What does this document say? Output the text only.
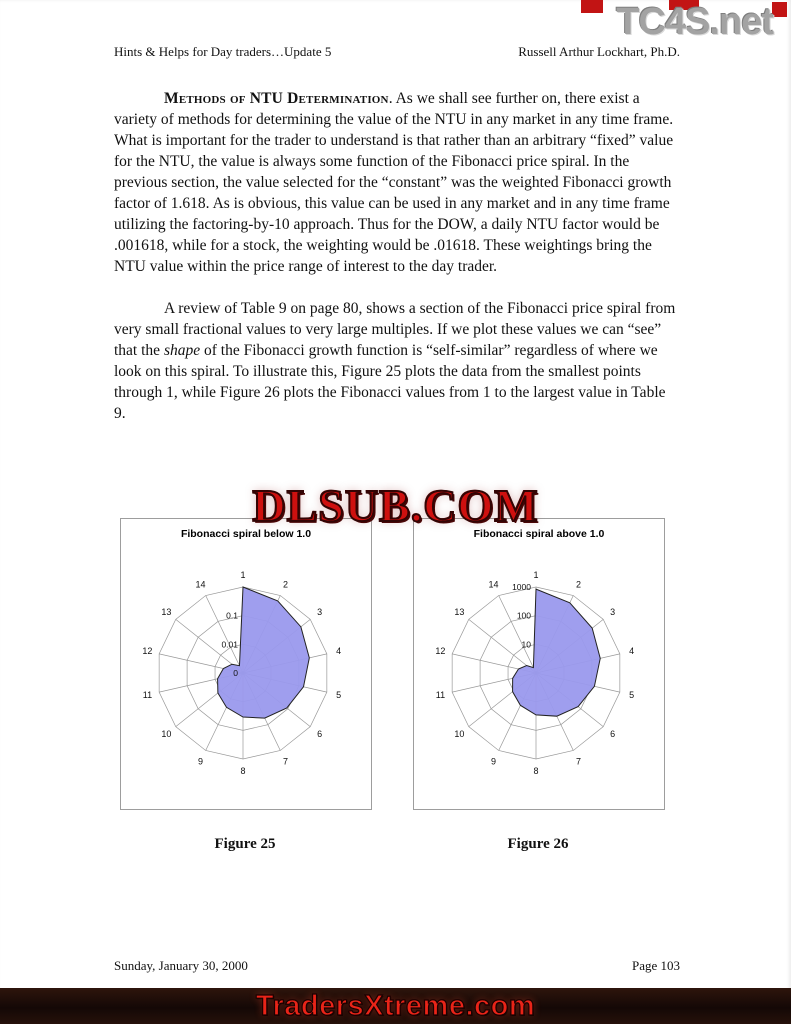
TC4S.net
Hints & Helps for Day traders…Update 5	Russell Arthur Lockhart, Ph.D.

Methods of NTU Determination. As we shall see further on, there exist a variety of methods for determining the value of the NTU in any market in any time frame. What is important for the trader to understand is that rather than an arbitrary “fixed” value for the NTU, the value is always some function of the Fibonacci price spiral. In the previous section, the value selected for the “constant” was the weighted Fibonacci growth factor of 1.618. As is obvious, this value can be used in any market and in any time frame utilizing the factoring-by-10 approach. Thus for the DOW, a daily NTU factor would be .001618, while for a stock, the weighting would be .01618. These weightings bring the NTU value within the price range of interest to the day trader.

A review of Table 9 on page 80, shows a section of the Fibonacci price spiral from very small fractional values to very large multiples. If we plot these values we can “see” that the shape of the Fibonacci growth function is “self-similar” regardless of where we look on this spiral. To illustrate this, Figure 25 plots the data from the smallest points through 1, while Figure 26 plots the Fibonacci values from 1 to the largest value in Table 9.

DLSUB.COM
Fibonacci spiral below 1.0
1
2
3
4
5
6
7
8
9
10
11
12
13
14
0.1
0.01
0
Fibonacci spiral above 1.0
1
2
3
4
5
6
7
8
9
10
11
12
13
14 1000
100
10
Figure 25	Figure 26
Sunday, January 30, 2000	Page 103
TradersXtreme.com
